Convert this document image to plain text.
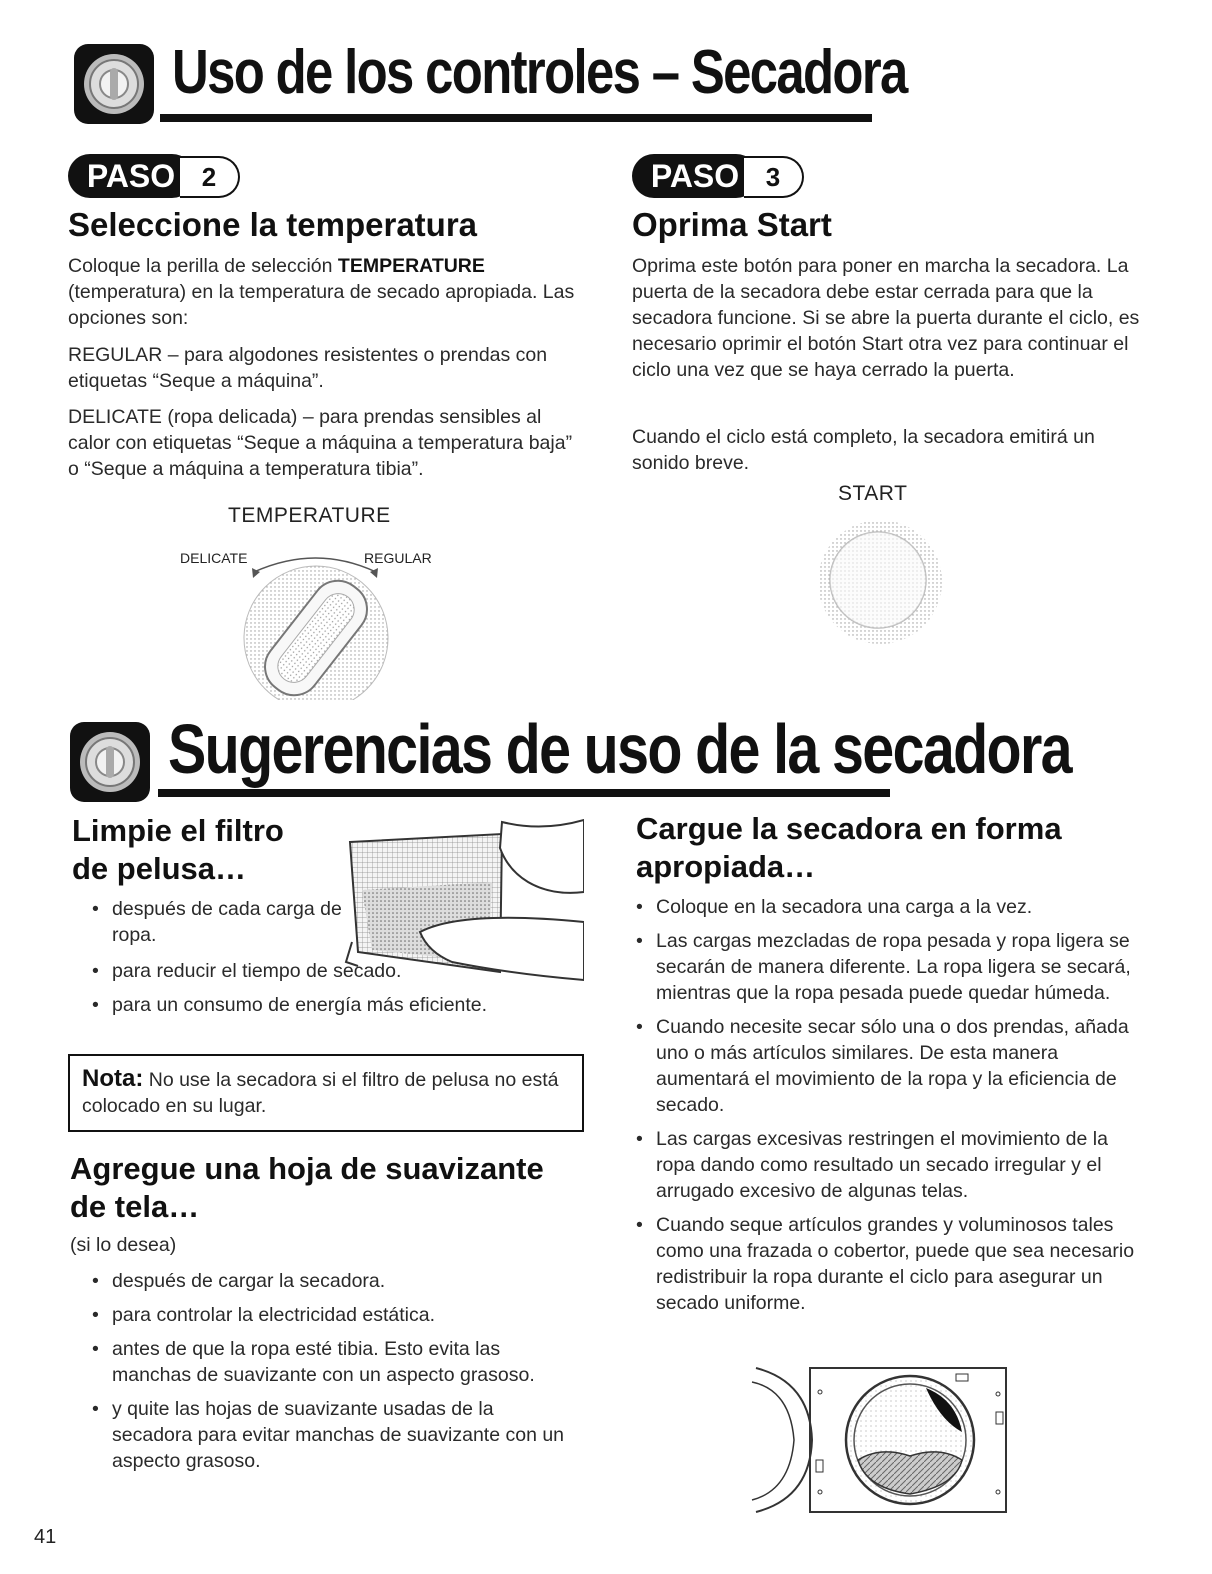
Uso de los controles – Secadora
PASO	2
Seleccione la temperatura

Coloque la perilla de selección TEMPERATURE (temperatura) en la temperatura de secado apropiada. Las opciones son:

REGULAR – para algodones resistentes o prendas con etiquetas “Seque a máquina”.

DELICATE (ropa delicada) – para prendas sensibles al calor con etiquetas “Seque a máquina a temperatura baja” o “Seque a máquina a temperatura tibia”.

TEMPERATURE
DELICATE	REGULAR
PASO	3
Oprima Start

Oprima este botón para poner en marcha la secadora. La puerta de la secadora debe estar cerrada para que la secadora funcione. Si se abre la puerta durante el ciclo, es necesario oprimir el botón Start otra vez para continuar el ciclo una vez que se haya cerrado la puerta.

Cuando el ciclo está completo, la secadora emitirá un sonido breve.

START
Sugerencias de uso de la secadora
Limpie el filtro
de pelusa…
• después de cada carga de ropa.
• para reducir el tiempo de secado.
• para un consumo de energía más eficiente.

Nota: No use la secadora si el filtro de pelusa no está colocado en su lugar.

Agregue una hoja de suavizante
de tela…

(si lo desea)

• después de cargar la secadora.
• para controlar la electricidad estática.
• antes de que la ropa esté tibia. Esto evita las manchas de suavizante con un aspecto grasoso.
• y quite las hojas de suavizante usadas de la secadora para evitar manchas de suavizante con un aspecto grasoso.
Cargue la secadora en forma
apropiada…
• Coloque en la secadora una carga a la vez.
• Las cargas mezcladas de ropa pesada y ropa ligera se secarán de manera diferente. La ropa ligera se secará, mientras que la ropa pesada puede quedar húmeda.
• Cuando necesite secar sólo una o dos prendas, añada uno o más artículos similares. De esta manera aumentará el movimiento de la ropa y la eficiencia de secado.
• Las cargas excesivas restringen el movimiento de la ropa dando como resultado un secado irregular y el arrugado excesivo de algunas telas.
• Cuando seque artículos grandes y voluminosos tales como una frazada o cobertor, puede que sea necesario redistribuir la ropa durante el ciclo para asegurar un secado uniforme.
41
